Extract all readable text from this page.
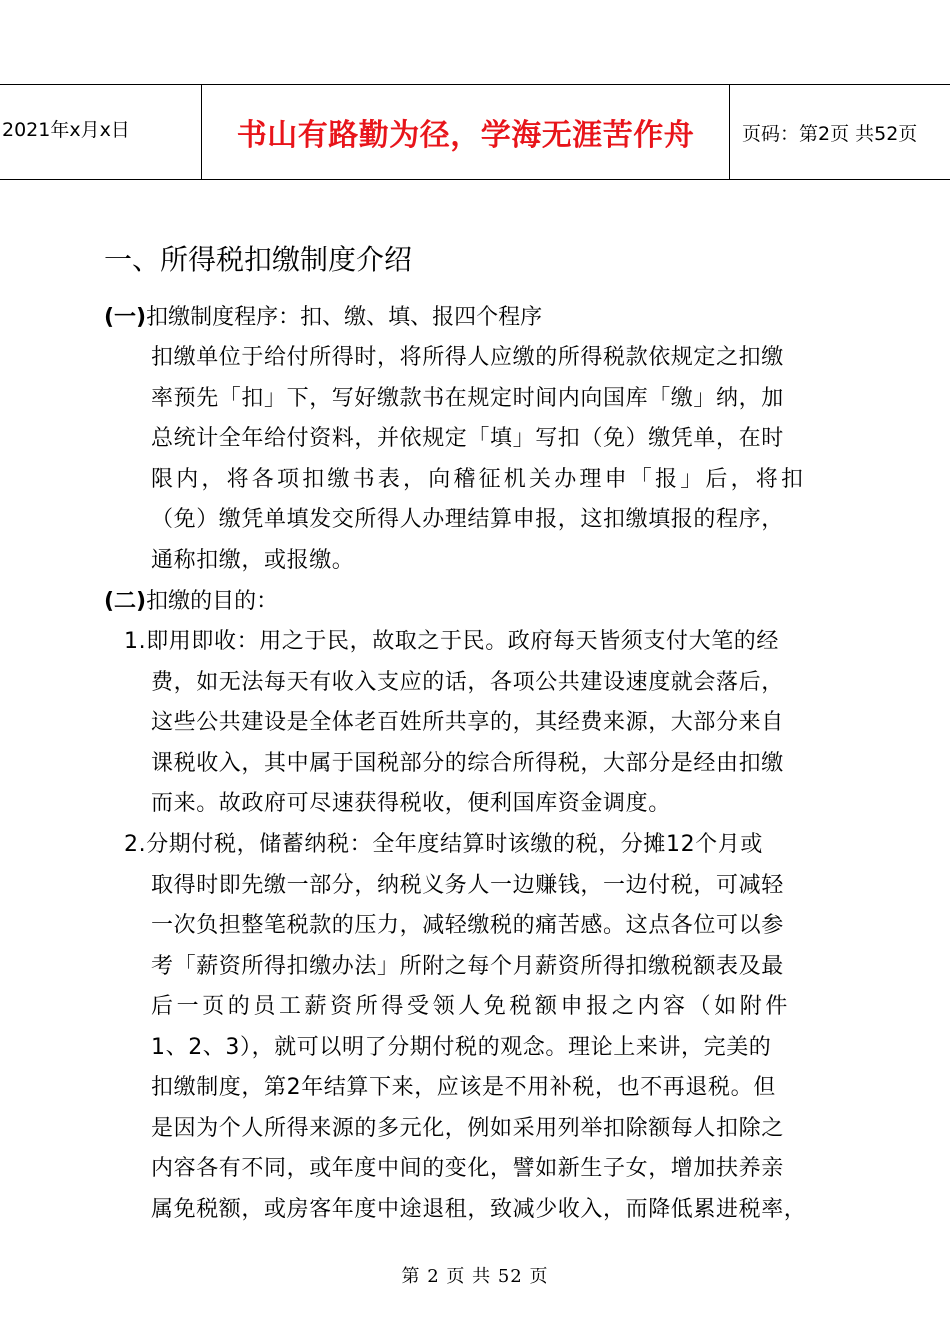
2021年x月x日	书山有路勤为径，学海无涯苦作舟	页码：第2页 共52页
一、所得税扣缴制度介绍
(一)扣缴制度程序：扣、缴、填、报四个程序
扣缴单位于给付所得时，将所得人应缴的所得税款依规定之扣缴
率预先「扣」下，写好缴款书在规定时间内向国库「缴」纳，加
总统计全年给付资料，并依规定「填」写扣（免）缴凭单，在时
限内，将各项扣缴书表，向稽征机关办理申「报」后，将扣
（免）缴凭单填发交所得人办理结算申报，这扣缴填报的程序，
通称扣缴，或报缴。
(二)扣缴的目的：
1.即用即收：用之于民，故取之于民。政府每天皆须支付大笔的经
费，如无法每天有收入支应的话，各项公共建设速度就会落后，
这些公共建设是全体老百姓所共享的，其经费来源，大部分来自
课税收入，其中属于国税部分的综合所得税，大部分是经由扣缴
而来。故政府可尽速获得税收，便利国库资金调度。
2.分期付税，储蓄纳税：全年度结算时该缴的税，分摊12个月或
取得时即先缴一部分，纳税义务人一边赚钱，一边付税，可减轻
一次负担整笔税款的压力，减轻缴税的痛苦感。这点各位可以参
考「薪资所得扣缴办法」所附之每个月薪资所得扣缴税额表及最
后一页的员工薪资所得受领人免税额申报之内容（如附件
1、2、3），就可以明了分期付税的观念。理论上来讲，完美的
扣缴制度，第2年结算下来，应该是不用补税，也不再退税。但
是因为个人所得来源的多元化，例如采用列举扣除额每人扣除之
内容各有不同，或年度中间的变化，譬如新生子女，增加扶养亲
属免税额，或房客年度中途退租，致减少收入，而降低累进税率，
第 2 页 共 52 页
